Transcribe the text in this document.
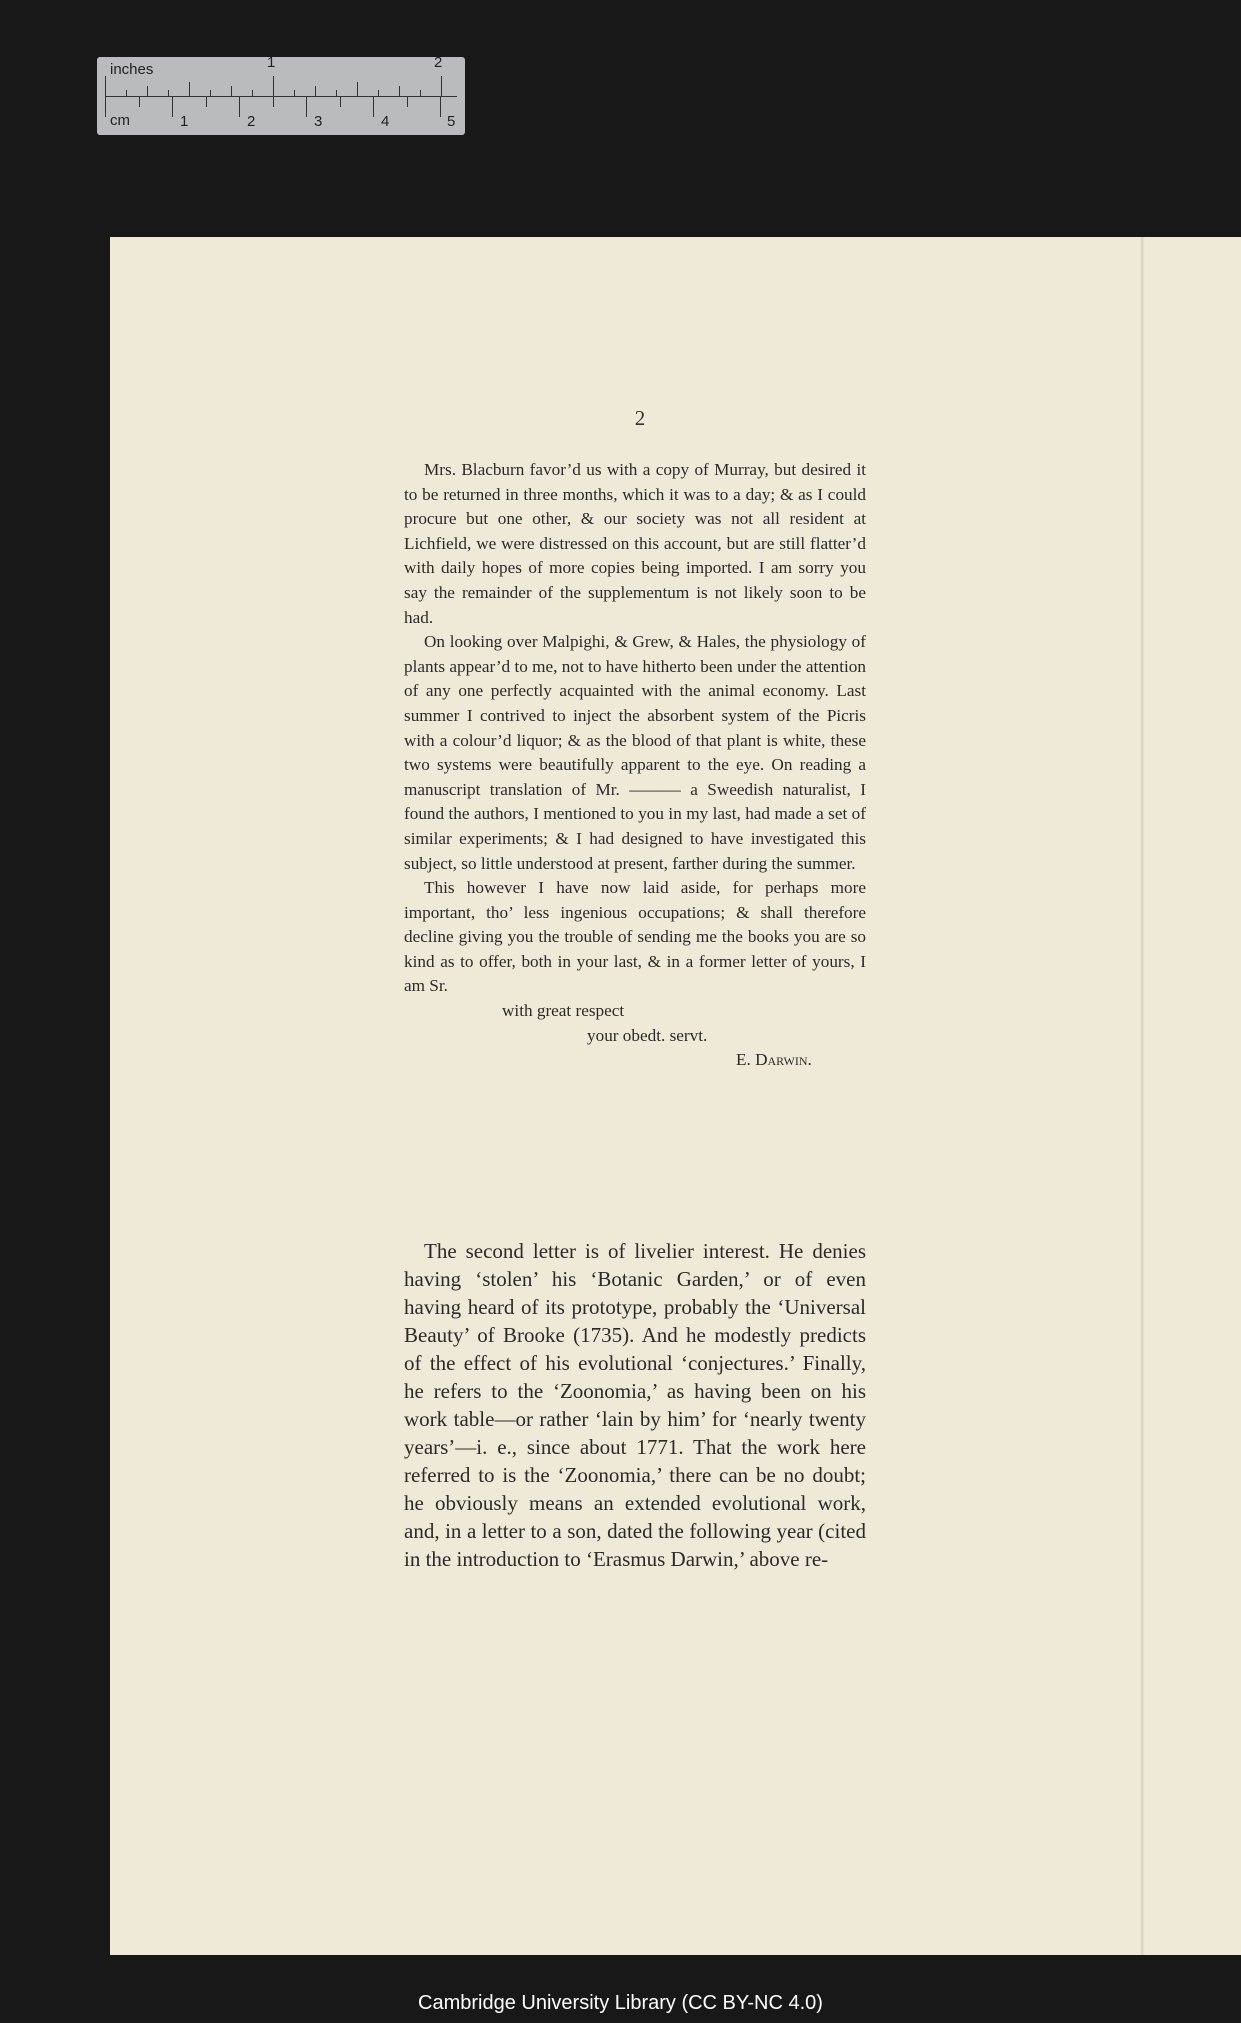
inches
cm
1	2
1	2	3	4	5
2

Mrs. Blacburn favor’d us with a copy of Murray, but desired it to be returned in three months, which it was to a day; & as I could procure but one other, & our society was not all resident at Lichfield, we were distressed on this account, but are still flatter’d with daily hopes of more copies being imported. I am sorry you say the remainder of the supplementum is not likely soon to be had.

On looking over Malpighi, & Grew, & Hales, the physiology of plants appear’d to me, not to have hitherto been under the attention of any one perfectly acquainted with the animal economy. Last summer I contrived to inject the absorbent system of the Picris with a colour’d liquor; & as the blood of that plant is white, these two systems were beautifully apparent to the eye. On reading a manuscript translation of Mr. ——— a Sweedish naturalist, I found the authors, I mentioned to you in my last, had made a set of similar experiments; & I had designed to have investigated this subject, so little understood at present, farther during the summer.

This however I have now laid aside, for perhaps more important, tho’ less ingenious occupations; & shall therefore decline giving you the trouble of sending me the books you are so kind as to offer, both in your last, & in a former letter of yours, I am Sr.

with great respect
your obedt. servt.
E. Darwin.

The second letter is of livelier interest. He denies having ‘stolen’ his ‘Botanic Garden,’ or of even having heard of its prototype, probably the ‘Universal Beauty’ of Brooke (1735). And he modestly predicts of the effect of his evolutional ‘conjectures.’ Finally, he refers to the ‘Zoonomia,’ as having been on his work table—or rather ‘lain by him’ for ‘nearly twenty years’—i. e., since about 1771. That the work here referred to is the ‘Zoonomia,’ there can be no doubt; he obviously means an extended evolutional work, and, in a letter to a son, dated the following year (cited in the introduction to ‘Erasmus Darwin,’ above re-

Cambridge University Library (CC BY-NC 4.0)
